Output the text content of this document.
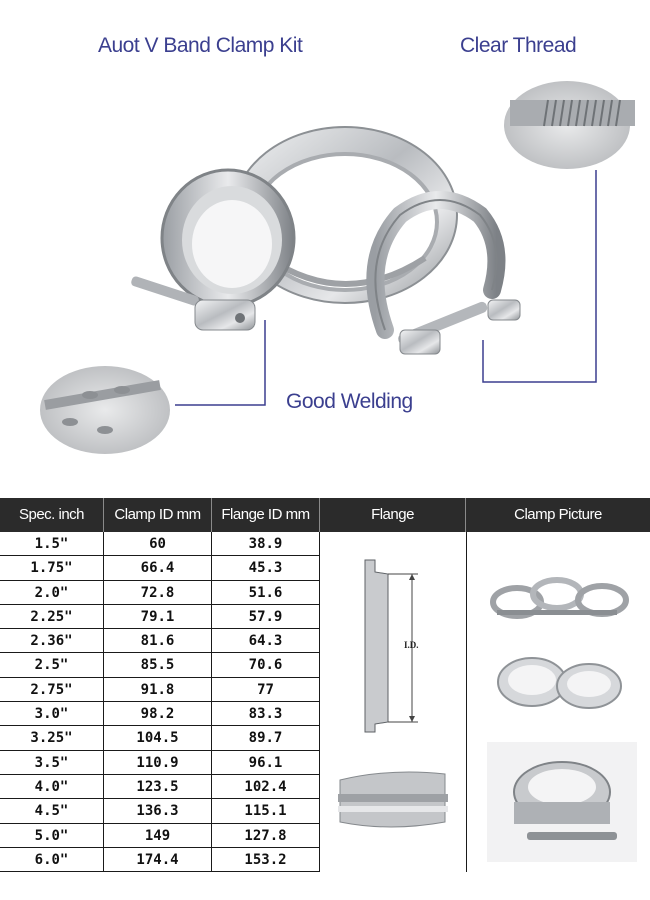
Auot V Band Clamp Kit	Clear Thread
Good Welding
Spec. inch	Clamp ID mm	Flange ID mm	Flange	Clamp Picture
1.5"	60	38.9
1.75"	66.4	45.3
2.0"	72.8	51.6
2.25"	79.1	57.9
2.36"	81.6	64.3
2.5"	85.5	70.6
2.75"	91.8	77
3.0"	98.2	83.3
3.25"	104.5	89.7
3.5"	110.9	96.1
4.0"	123.5	102.4
4.5"	136.3	115.1
5.0"	149	127.8
6.0"	174.4	153.2
I.D.
